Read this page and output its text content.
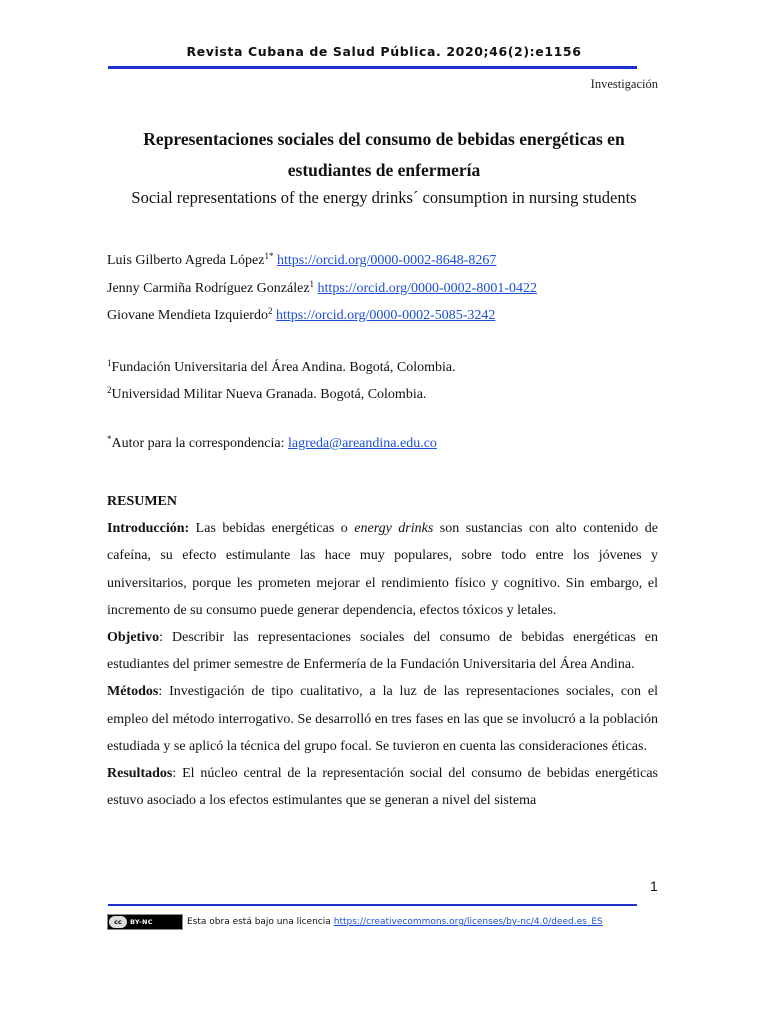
Revista Cubana de Salud Pública. 2020;46(2):e1156
Investigación
Representaciones sociales del consumo de bebidas energéticas en
estudiantes de enfermería
Social representations of the energy drinks´ consumption in nursing students
Luis Gilberto Agreda López$^{1*}$ https://orcid.org/0000-0002-8648-8267
Jenny Carmiña Rodríguez González$^1$ https://orcid.org/0000-0002-8001-0422
Giovane Mendieta Izquierdo$^2$ https://orcid.org/0000-0002-5085-3242
$^1$Fundación Universitaria del Área Andina. Bogotá, Colombia.
$^2$Universidad Militar Nueva Granada. Bogotá, Colombia.
*Autor para la correspondencia: lagreda@areandina.edu.co

RESUMEN

Introducción: Las bebidas energéticas o energy drinks son sustancias con alto contenido de cafeína, su efecto estimulante las hace muy populares, sobre todo entre los jóvenes y universitarios, porque les prometen mejorar el rendimiento físico y cognitivo. Sin embargo, el incremento de su consumo puede generar dependencia, efectos tóxicos y letales.

Objetivo: Describir las representaciones sociales del consumo de bebidas energéticas en estudiantes del primer semestre de Enfermería de la Fundación Universitaria del Área Andina.

Métodos: Investigación de tipo cualitativo, a la luz de las representaciones sociales, con el empleo del método interrogativo. Se desarrolló en tres fases en las que se involucró a la población estudiada y se aplicó la técnica del grupo focal. Se tuvieron en cuenta las consideraciones éticas.

Resultados: El núcleo central de la representación social del consumo de bebidas energéticas estuvo asociado a los efectos estimulantes que se generan a nivel del sistema

1
cc	BY-NC	Esta obra está bajo una licencia https://creativecommons.org/licenses/by-nc/4.0/deed.es_ES
